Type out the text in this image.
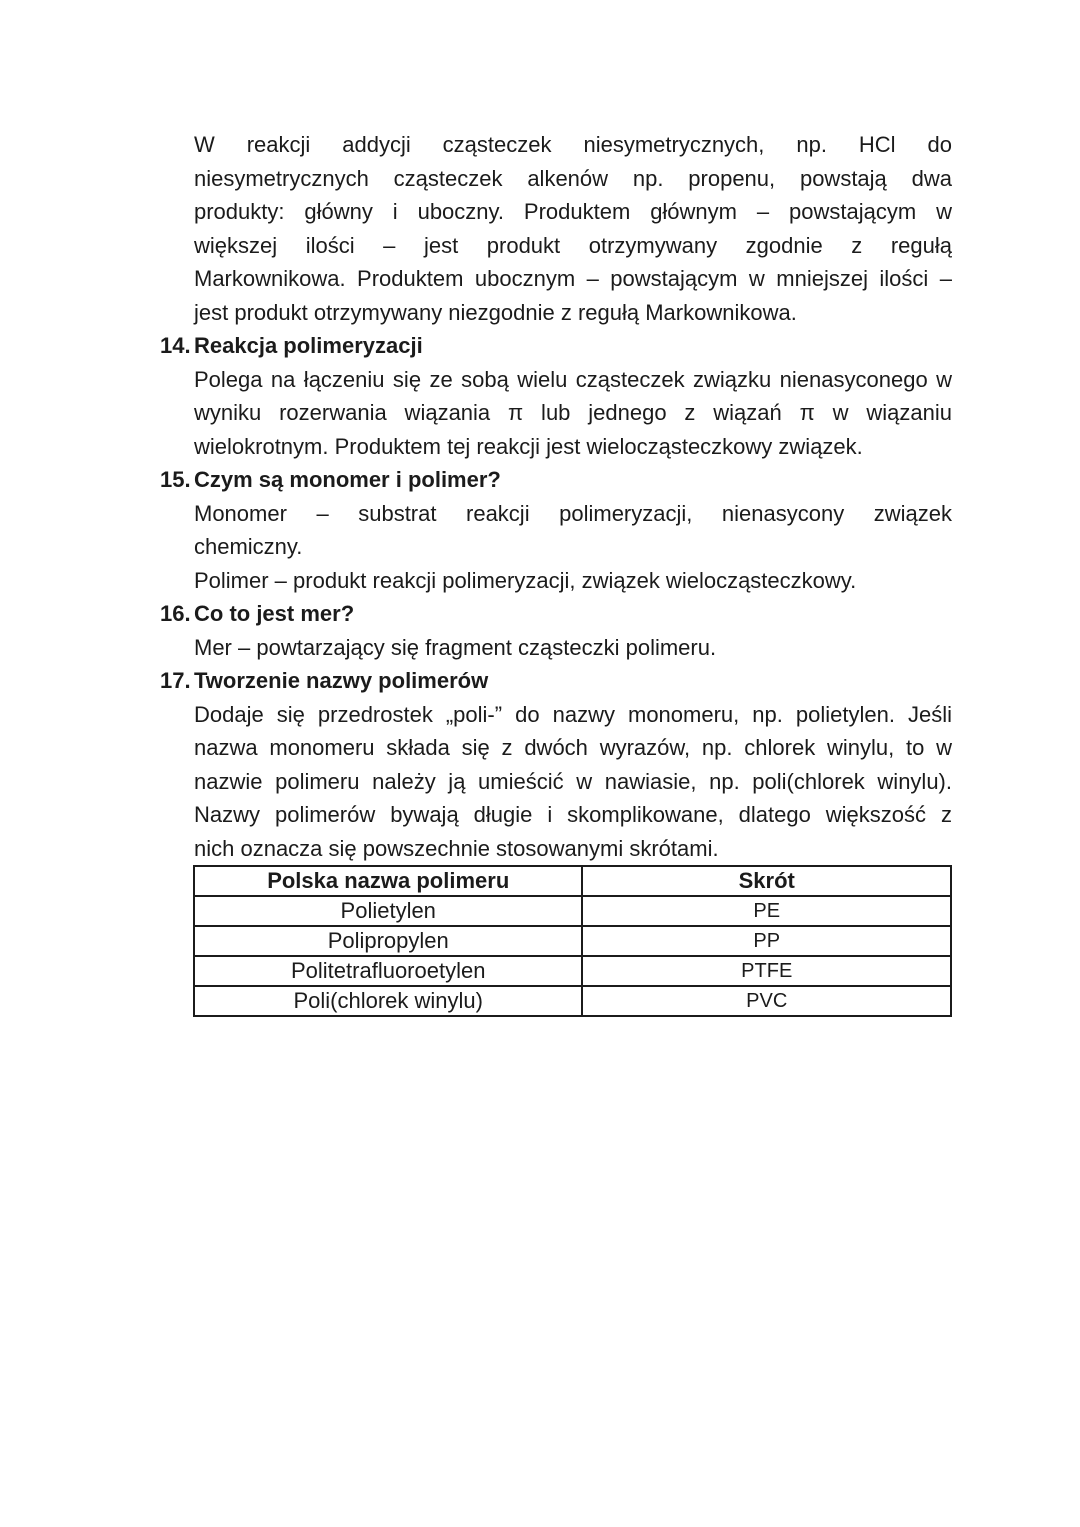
W reakcji addycji cząsteczek niesymetrycznych, np. HCl do
niesymetrycznych cząsteczek alkenów np. propenu, powstają dwa
produkty: główny i uboczny. Produktem głównym – powstającym w
większej ilości – jest produkt otrzymywany zgodnie z regułą
Markownikowa. Produktem ubocznym – powstającym w mniejszej ilości –
jest produkt otrzymywany niezgodnie z regułą Markownikowa.
14. Reakcja polimeryzacji
Polega na łączeniu się ze sobą wielu cząsteczek związku nienasyconego w
wyniku rozerwania wiązania π lub jednego z wiązań π w wiązaniu
wielokrotnym. Produktem tej reakcji jest wielocząsteczkowy związek.
15. Czym są monomer i polimer?
Monomer – substrat reakcji polimeryzacji, nienasycony związek
chemiczny.
Polimer – produkt reakcji polimeryzacji, związek wielocząsteczkowy.
16. Co to jest mer?
Mer – powtarzający się fragment cząsteczki polimeru.
17. Tworzenie nazwy polimerów
Dodaje się przedrostek „poli-” do nazwy monomeru, np. polietylen. Jeśli
nazwa monomeru składa się z dwóch wyrazów, np. chlorek winylu, to w
nazwie polimeru należy ją umieścić w nawiasie, np. poli(chlorek winylu).
Nazwy polimerów bywają długie i skomplikowane, dlatego większość z
nich oznacza się powszechnie stosowanymi skrótami.
Polska nazwa polimeru	Skrót
Polietylen	PE
Polipropylen	PP
Politetrafluoroetylen	PTFE
Poli(chlorek winylu)	PVC
